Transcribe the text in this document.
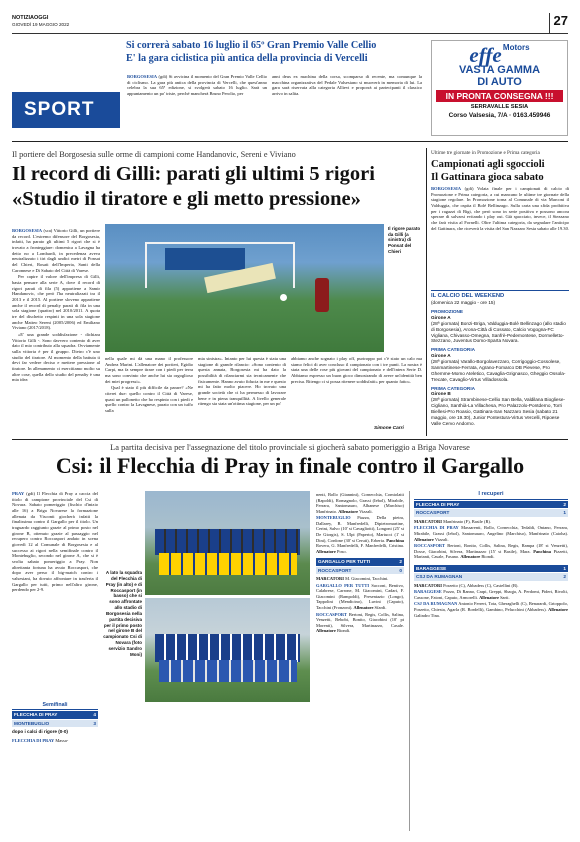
NOTIZIAOGGI
GIOVEDÌ 19 MAGGIO 2022	27
SPORT
Si correrà sabato 16 luglio il 65º Gran Premio Valle Cellio
E' la gara ciclistica più antica della provincia di Vercelli
BORGOSESIA (gdi) Si avvicina il momento del Gran Premio Valle Cellio di ciclismo. La gara più antica della provincia di Vercelli, che quest'anno celebra la sua 65ª edizione, si svolgerà sabato 16 luglio. Sarà un appuntamento un po' triste, perché mancherà Bruno Perolio, per
anni deus ex machina della corsa, scomparso di recente, ma comunque la macchina organizzativa del Pedale Valsesiano si muoverà in memoria di lui. La gara sarà riservata alla categoria Allievi e proporrà ai partecipanti il classico arrivo in salita.
effe Motors
VASTA GAMMA
DI AUTO
IN PRONTA CONSEGNA !!!
SERRAVALLE SESIA
Corso Valsesia, 7/A · 0163.459946
Il portiere del Borgosesia sulle orme di campioni come Handanovic, Sereni e Viviano
Il record di Gilli: parati gli ultimi 5 rigori
«Studio il tiratore e gli metto pressione»
Il rigore parato da Gilli (a sinistra) di Ponsat del Chieri

BORGOSESIA (sca) Vittorio Gilli, un portiere da record. L'estremo difensore del Borgosesia, infatti, ha parato gli ultimi 5 rigori che si è trovato a fronteggiare: domenica a Lavagna ha detto no a Lombardi, in precedenza aveva neutralizzato i tiri dagli undici metri di Ponsat del Chieri, Rosati dell'Imperia, Santi della Caronnese e Di Sabato del Città di Varese.

Per capire il valore dell'impresa di Gilli, basta pensare alla serie A, dove il record di rigori parati di fila (5) appartiene a Samir Handanovic, che però l'ha neutralizzati tra il 2013 e il 2015. Al portiere sloveno appartiene anche il record di penalty parati di fila in una sola stagione (quattro) nel 2010/2011. A quota tre del dischetto respinti in una sola stagione anche Matteo Sereni (2005/2006) ed Emiliano Viviano (2017/2018).

«E' una grande soddisfazione - dichiara Vittorio Gilli -. Sono davvero contento di aver dato il mio contributo alla squadra. Ovviamente sulla vittoria è per il gruppo. Dietro c'è uno studio del tiratore. Al momento della battuta ti devi far vedere deciso e mettere pressione al tiratore. In allenamento ci esercitiamo molto su altre cose, quella dello studio del penalty è una mia idea

nella quale mi dà una mano il professore Andrea Marini. L'allenatore dei portieri, Egidio Carpi, ma fa sempre tirare con i piedi per terra ma sono convinto che anche lui sia orgoglioso dei miei progressi».

Qual è stato il più difficile da parare? «Ne citerei due: quello contro il Città di Varese, quasi un pallonetto che ho respinto con i piedi e quello contro la Lavagnese, parato con un tuffo sulla

mia sinistra». Intanto per lui questa è stata una stagione di grande rilancio: «Sono contento di questa annata, Borgosesia mi ha dato la possibilità di rilanciarmi sia tecnicamente che fisicamente. Hanno avuto fiducia in me e questo mi ha fatto molto piacere. Ho trovato una grande società che ci ha permesso di lavorare bene e in piena tranquillità. A livello generale ritengo sia stata un'ottima stagione, per un po'
abbiamo anche sognato i play off, purtroppo poi c'è stato un calo ma siamo felici di aver concluso il campionato con i tre punti. La nostra è stata una delle rose più giovani del campionato e dell'intera Serie D. Abbiamo espresso un buon gioco dimostrando di avere un'identità ben precisa. Ritengo ci si possa ritenere soddisfatti» per quanto fatto».
Simone Carri
Ultime tre giornate in Promozione e Prima categoria
Campionati agli sgoccioli
Il Gattinara gioca sabato
BORGOSESIA (gdi) Volata finale per i campionati di calcio di Promozione e Prima categoria, a cui mancano le ultime tre giornate della stagione regolare. In Promozione torna al Comunale di via Marconi il Valduggia, che ospita il Bolé Bellinzago. Sulla carta una sfida proibitiva per i ragazzi di Bigi, che però sono in serie positiva e possono ancora sperare di salvarsi evitando i play out. Già spacciato, invece, il Stezzano che farà visita al Fornelli. Oltre l'ultima categoria, da segnalare l'anticipo del Gattinara, che riceverà la visita del San Nazzaro Sesia sabato alle 19.30.
IL CALCIO DEL WEEKEND
(domenica 22 maggio - ore 15)
PROMOZIONE
Girone A
(28ª giornata) Bonzi-Briga, Valduggia-Bolè Bellinzago (allo stadio di Borgosesia), Arona-Città di Cossato, Calcio Vogogna-FC Vigliana, Chivasso-Omegna, Sanfrè-Pedemontese, Dormelletto-Stezzano, Juventus Domo-Sparta Novara.
PRIMA CATEGORIA
Girone A
(28ª giornata) Varallo-Borgolavezzaro, Corrigoggio-Cossolese, Sanmartinese-Ferrata, Agrano-Fomarco DB Pievese, Pro Ghemme-Momo Ateletico, Cavaglia-Grignasco, Gheggio Ossola-Trecate, Cavaglio-Virtus Villadossola.
PRIMA CATEGORIA
Girone B
(28ª giornata) Strambinese-Cellio San Bella, Valdilana Biogliese-Cigliano, Santhià-La Villachesa, Pro Palazzolo-Pontderno, Torri Biellesi-Pro Roasio, Gattinara-San Nazzaro Sesia (sabato 21 maggio, ore 19.30), Junior Pontestura-Virtus Vercelli, Ripoese Valle Cervo Andorno.
La partita decisiva per l'assegnazione del titolo provinciale si giocherà sabato pomeriggio a Briga Novarese
Csi: il Flecchia di Pray in finale contro il Gargallo
PRAY (gdi) Il Flecchia di Pray a caccia del titolo di campione provinciale del Csi di Novara. Sabato pomeriggio (fischio d'inizio alle 16) a Briga Novarese la formazione allenata da Visconti giocherà infatti la finalissima contro il Gargallo per il titolo. Un traguardo raggiunto grazie al primo posto nel girone B, ottenuto grazie al passaggio nel recupero contro Roccasport andato in scena giovedì 12 al Comunale di Borgosesia e al successo ai rigori nella semifinale contro il Montebuglio, secondo nel girone A, che si è svolta sabato pomeriggio a Pray. Non altrettanta fortuna ha avuto Roccasport, che dopo aver perso il big-match contro i valsesiani, ha dovuto affrontare in trasferta il Gargallo per tutti, primo nell'altro girone, perdendo per 2-9.
Semifinali
4
FLECCHIA DI PRAY
3
MONTEBUGLIO
dopo i calci di rigore (0-0)
FLECCHIA DI PRAY Massa-
A lato la squadra del Flecchia di Pray (in alto) e di Roccasport (in basso) che si sono affrontate allo stadio di Borgosesia nella partita decisiva per il primo posto nel girone B del campionato Csi di Novara (foto servizio Sandro Moni)
nenti, Bollo (Giannini), Cornecchia, Corniolatti (Rapoldi), Romagnolo, Grassi (Iebol), Mirabile, Ferrara, Santomauro, Albanese (Marchiso) Manfrinato. Allenatore Vizzali.
MONTEBUGLIO Piazza, Della pietra, Dallarey, B. Manfredelli, Dipietromartine, Cerini, Salvo (10' st Cavagliotti), Longoni (25' st De Giorgis), S. Ulpi (Paperio), Martucci (1' st Dini), Cordone (30' st Ceruti), Erberia. Panchina Rovera, G. Manfredelli, F. Manfredelli, Cristina. Allenatore Poso.
2
GARGALLO PER TUTTI
0
ROCCASPORT
MARCATORI M. Giacomini, Tacchini.
GARGALLO PER TUTTI Sacconi, Bentivo, Calabrese, Carrone, M. Giacomini, Cadari, F. Giacomini (Rampoldi), Presentazio (Longo), Tappolini (Mendicino), Luvini (Caputo), Tacchini (Fronzoni). Allenatore Sfardi.
ROCCASPORT Bertoni, Regis, Collis, Salina, Venzetti, Bebobi, Bonito, Giacobini (10' pt Morenti), Silvera, Martinazzo, Casale. Allenatore Biondi.
I recuperi
2
FLECCHIA DI PRAY
1
ROCCASPORT
MARCATORI Manfrinato (F), Basile (R).
FLECCHIA DI PRAY Massarenti, Bollo, Cornecchia, Tedaldi, Ontano, Ferrara, Mirabile, Grassi (Iebol), Santomauro, Angelino (Marchiso), Manfrinato (Caioha). Allenatore Vizzali.
ROCCASPORT Bertoni, Bonito, Collis, Salina, Regis, Rampa (18' st Venzetti), Dosse, Giacobini, Silvera, Martinazzo (15' st Basile), Mara. Panchina Pizzetti, Marianti, Casale, Fasano. Allenatore Biondi.
1
BARAGGESE
2
CSJ DA RUMAGNAN
MARCATORI Porzetto (C), Abbadess (C), Castellini (B).
BARAGGESE Pozzo, Di Ranno, Crapi, Greppi, Shaqja, A. Perdomi, Pideri, Rivolti, Cassone, Fatoni, Caputo, Armorelli. Allenatore Sarti.
CSJ DA RUMAGNAN Antonio Ferreri, Tota, Gheraghelli (C), Benarardi, Grioppolo, Porzetto, Chiesta, Agarla (R. Bordelli), Gambino, Pelucchini (Abbadess). Allenatore Galindro Tina.
